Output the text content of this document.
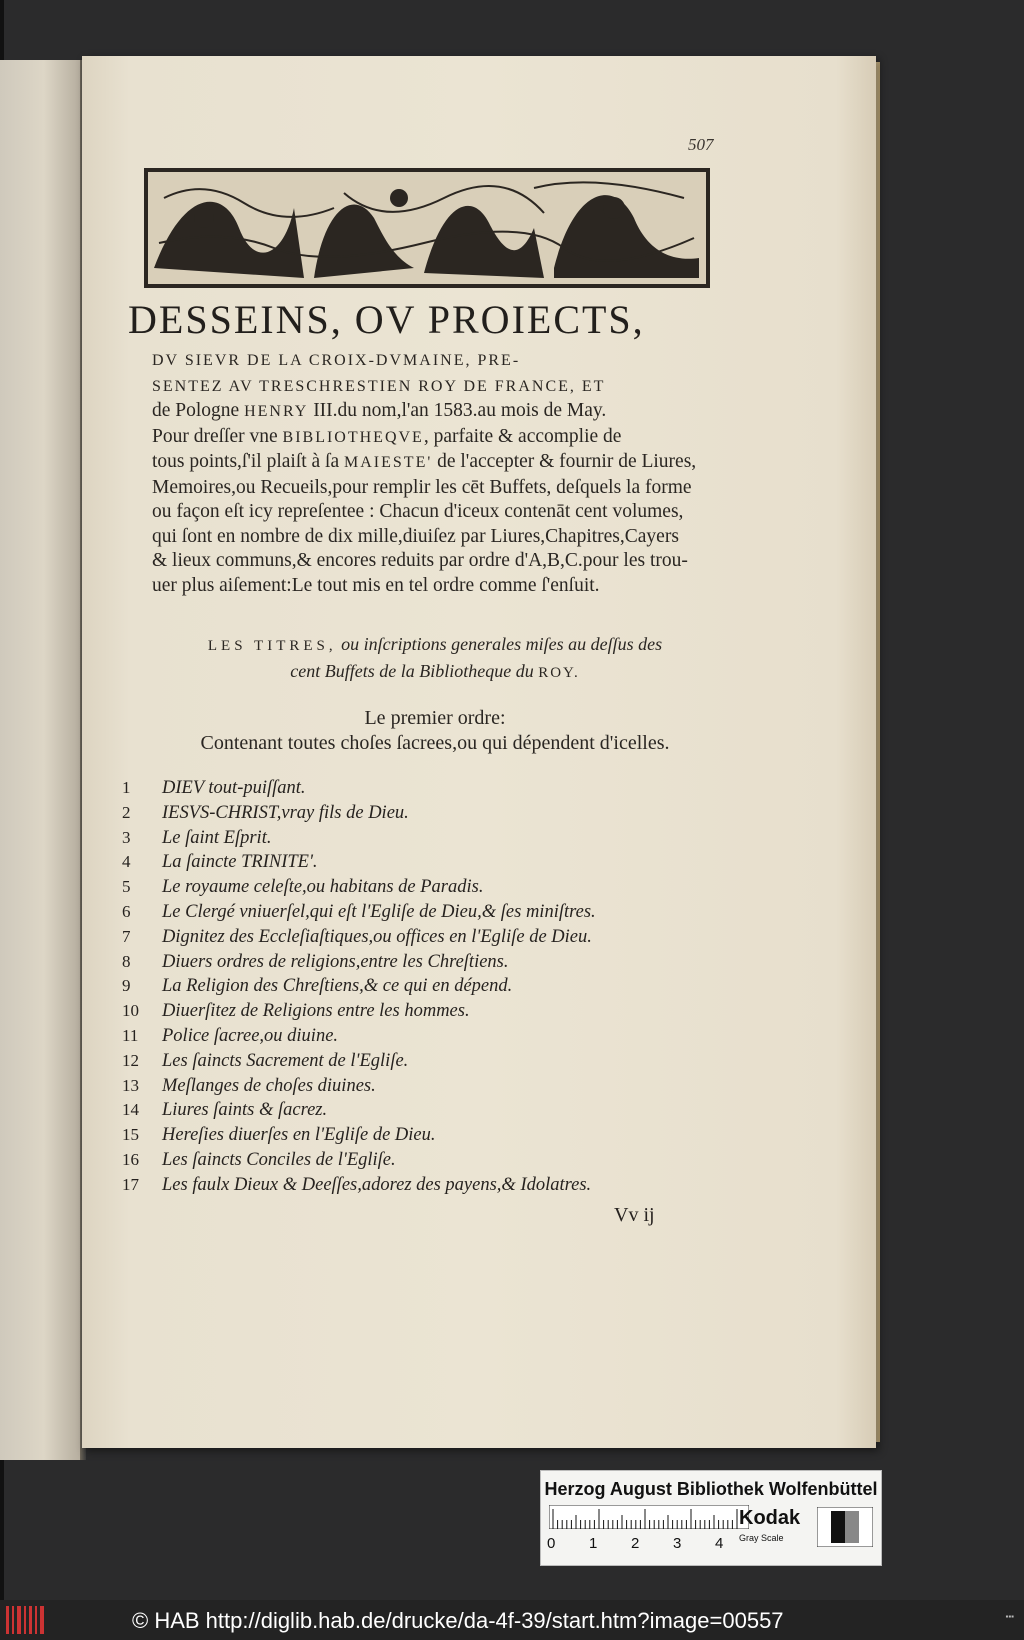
507
DESSEINS, OV PROIECTS,
DV SIEVR DE LA CROIX-DVMAINE, PRE-
SENTEZ AV TRESCHRESTIEN ROY DE FRANCE, ET
de Pologne HENRY III.du nom,l'an 1583.au mois de May.
Pour dreſſer vne BIBLIOTHEQVE, parfaite & accomplie de
tous points,ſ'il plaiſt à ſa MAIESTE' de l'accepter & fournir de Liures,
Memoires,ou Recueils,pour remplir les cēt Buffets, deſquels la forme
ou façon eſt icy repreſentee : Chacun d'iceux contenāt cent volumes,
qui ſont en nombre de dix mille,diuiſez par Liures,Chapitres,Cayers
& lieux communs,& encores reduits par ordre d'A,B,C.pour les trou-
uer plus aiſement:Le tout mis en tel ordre comme ſ'enſuit.
LES TITRES, ou inſcriptions generales miſes au deſſus des
cent Buffets de la Bibliotheque du ROY.
Le premier ordre:
Contenant toutes choſes ſacrees,ou qui dépendent d'icelles.
1	DIEV tout-puiſſant.
2	IESVS-CHRIST,vray fils de Dieu.
3	Le ſaint Eſprit.
4	La ſaincte TRINITE'.
5	Le royaume celeſte,ou habitans de Paradis.
6	Le Clergé vniuerſel,qui eſt l'Egliſe de Dieu,& ſes miniſtres.
7	Dignitez des Eccleſiaſtiques,ou offices en l'Egliſe de Dieu.
8	Diuers ordres de religions,entre les Chreſtiens.
9	La Religion des Chreſtiens,& ce qui en dépend.
10	Diuerſitez de Religions entre les hommes.
11	Police ſacree,ou diuine.
12	Les ſaincts Sacrement de l'Egliſe.
13	Meſlanges de choſes diuines.
14	Liures ſaints & ſacrez.
15	Hereſies diuerſes en l'Egliſe de Dieu.
16	Les ſaincts Conciles de l'Egliſe.
17	Les faulx Dieux & Deeſſes,adorez des payens,& Idolatres.
Vv ij
Herzog August Bibliothek Wolfenbüttel
0 1 2 3 4
Kodak
Gray Scale
© HAB http://diglib.hab.de/drucke/da-4f-39/start.htm?image=00557	▪▪▪
